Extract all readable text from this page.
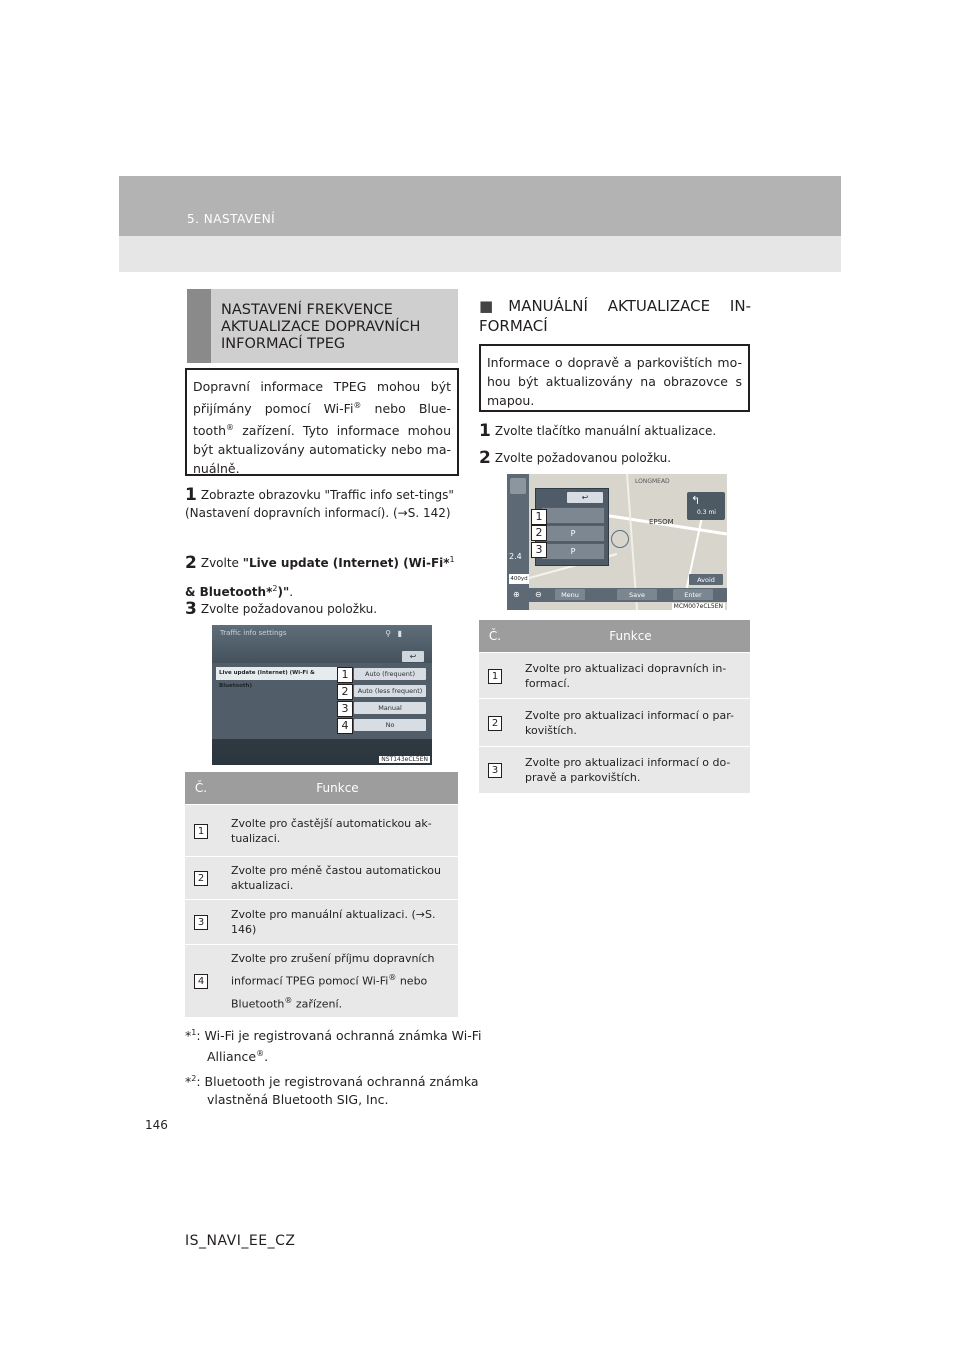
5. NASTAVENÍ
NASTAVENÍ FREKVENCE AKTUALIZACE DOPRAVNÍCH INFORMACÍ TPEG
Dopravní informace TPEG mohou být přijímány pomocí Wi-Fi® nebo Blue-tooth® zařízení. Tyto informace mohou být aktualizovány automaticky nebo ma-nuálně.
1 Zobrazte obrazovku "Traffic info set-tings" (Nastavení dopravních informací). (→S. 142)
2 Zvolte "Live update (Internet) (Wi-Fi*$^1$ & Bluetooth*$^2$)".
3 Zvolte požadovanou položku.
Traffic info settings	⚲ ▮
↩
Live update (Internet) (Wi-Fi & Bluetooth)
Auto (frequent)
Auto (less frequent)
Manual
No
1
2
3
4
NST143eCL5EN
Č.	Funkce
1	Zvolte pro častější automatickou ak-tualizaci.
2	Zvolte pro méně častou automatickou aktualizaci.
3	Zvolte pro manuální aktualizaci. (→S. 146)
4	Zvolte pro zrušení příjmu dopravních informací TPEG pomocí Wi-Fi® nebo Bluetooth® zařízení.
*$^1$: Wi-Fi je registrovaná ochranná známka Wi-Fi Alliance®.
*$^2$: Bluetooth je registrovaná ochranná známka vlastněná Bluetooth SIG, Inc.
■MANUÁLNÍ AKTUALIZACE IN-FORMACÍ
Informace o dopravě a parkovištích mo-hou být aktualizovány na obrazovce s mapou.
1 Zvolte tlačítko manuální aktualizace.
2 Zvolte požadovanou položku.
LONGMEAD
↩
P
P
1
2
3
2.4
400yd
EPSOM
↰
0.3 mi
Avoid
⊕ ⊖	Menu	Save	Enter
MCM007eCL5EN
Č.	Funkce
1	Zvolte pro aktualizaci dopravních in-formací.
2	Zvolte pro aktualizaci informací o par-kovištích.
3	Zvolte pro aktualizaci informací o do-pravě a parkovištích.
146
IS_NAVI_EE_CZ
